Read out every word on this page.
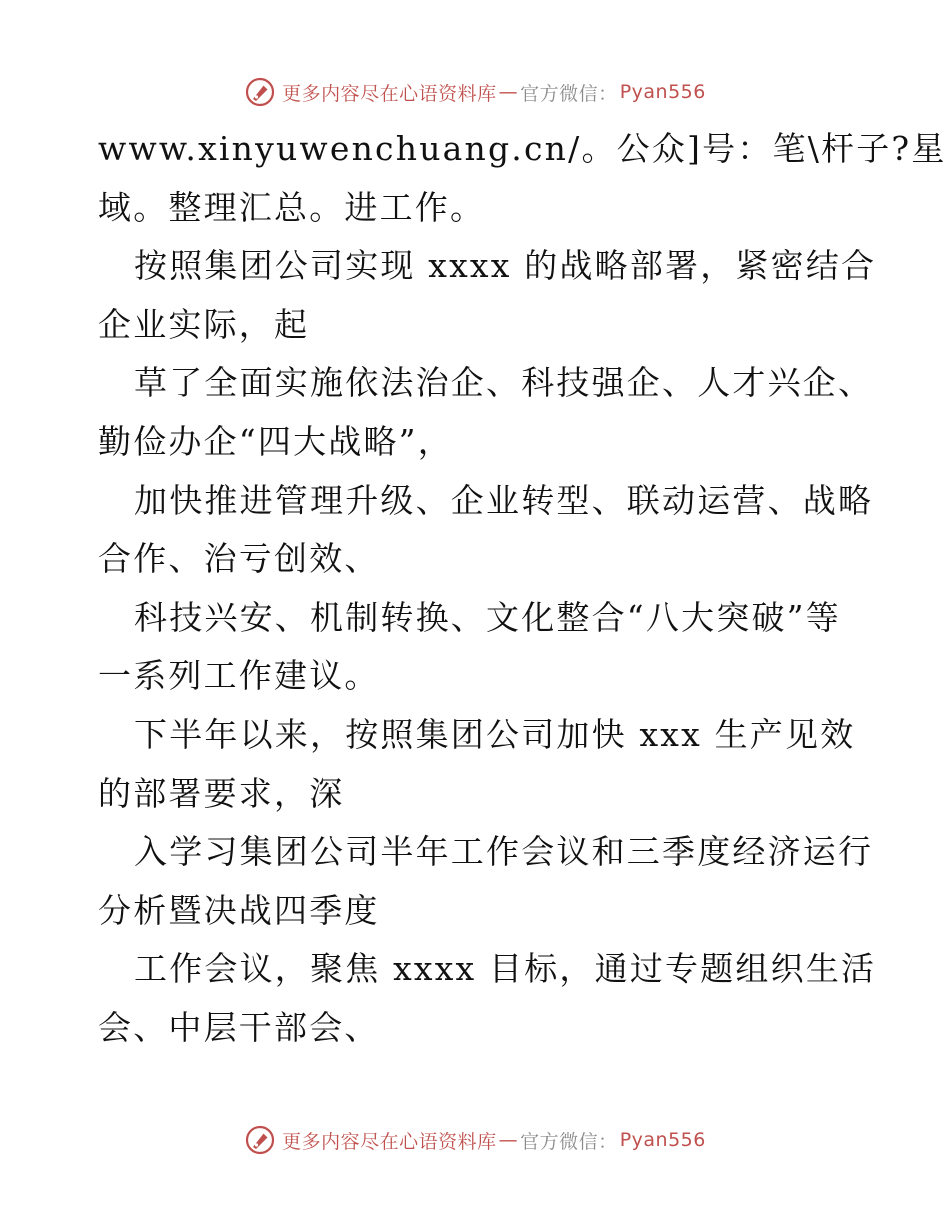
更多内容尽在心语资料库 — 官方微信： Pyan556
www.xinyuwenchuang.cn/。公众]号：笔\杆子?星
域。整理汇总。进工作。
按照集团公司实现 xxxx 的战略部署，紧密结合
企业实际，起
草了全面实施依法治企、科技强企、人才兴企、
勤俭办企“四大战略”，
加快推进管理升级、企业转型、联动运营、战略
合作、治亏创效、
科技兴安、机制转换、文化整合“八大突破”等
一系列工作建议。
下半年以来，按照集团公司加快 xxx 生产见效
的部署要求，深
入学习集团公司半年工作会议和三季度经济运行
分析暨决战四季度
工作会议，聚焦 xxxx 目标，通过专题组织生活
会、中层干部会、
更多内容尽在心语资料库 — 官方微信： Pyan556
